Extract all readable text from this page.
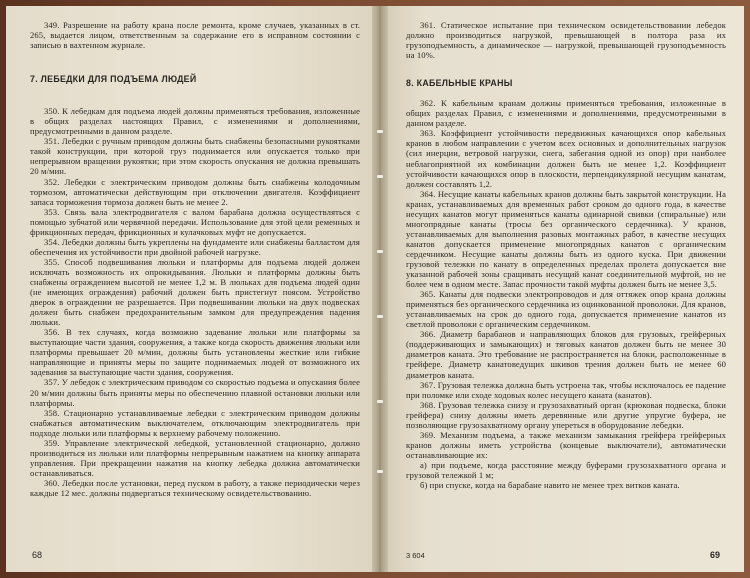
349. Разрешение на работу крана после ремонта, кроме случаев, указанных в ст. 265, выдается лицом, ответственным за содержание его в исправном состоянии с записью в вахтенном журнале.

7. ЛЕБЕДКИ ДЛЯ ПОДЪЕМА ЛЮДЕЙ

350. К лебедкам для подъема людей должны применяться требования, изложенные в общих разделах настоящих Правил, с изменениями и дополнениями, предусмотренными в данном разделе.

351. Лебедки с ручным приводом должны быть снабжены безопасными рукоятками такой конструкции, при которой груз поднимается или опускается только при непрерывном вращении рукоятки; при этом скорость опускания не должна превышать 20 м/мин.

352. Лебедки с электрическим приводом должны быть снабжены колодочным тормозом, автоматически действующим при отключении двигателя. Коэффициент запаса торможения тормоза должен быть не менее 2.

353. Связь вала электродвигателя с валом барабана должна осуществляться с помощью зубчатой или червячной передачи. Использование для этой цели ременных и фрикционных передач, фрикционных и кулачковых муфт не допускается.

354. Лебедки должны быть укреплены на фундаменте или снабжены балластом для обеспечения их устойчивости при двойной рабочей нагрузке.

355. Способ подвешивания люльки и платформы для подъема людей должен исключать возможность их опрокидывания. Люльки и платформы должны быть снабжены ограждением высотой не менее 1,2 м. В люльках для подъема людей один (не имеющих ограждения) рабочий должен быть пристегнут поясом. Устройство дверок в ограждении не разрешается. При подвешивании люльки на двух подвесках должен быть снабжен предохранительным замком для предупреждения падения люльки.

356. В тех случаях, когда возможно задевание люльки или платформы за выступающие части здания, сооружения, а также когда скорость движения люльки или платформы превышает 20 м/мин, должны быть установлены жесткие или гибкие направляющие и приняты меры по защите поднимаемых людей от возможного их задевания за выступающие части здания, сооружения.

357. У лебедок с электрическим приводом со скоростью подъема и опускания более 20 м/мин должны быть приняты меры по обеспечению плавной остановки люльки или платформы.

358. Стационарно устанавливаемые лебедки с электрическим приводом должны снабжаться автоматическим выключателем, отключающим электродвигатель при подходе люльки или платформы к верхнему рабочему положению.

359. Управление электрической лебедкой, установленной стационарно, должно производиться из люльки или платформы непрерывным нажатием на кнопку аппарата управления. При прекращении нажатия на кнопку лебедка должна автоматически останавливаться.

360. Лебедки после установки, перед пуском в работу, а также периодически через каждые 12 мес. должны подвергаться техническому освидетельствованию.

68

361. Статическое испытание при техническом освидетельствовании лебедок должно производиться нагрузкой, превышающей в полтора раза их грузоподъемность, а динамическое — нагрузкой, превышающей грузоподъемность на 10%.

8. КАБЕЛЬНЫЕ КРАНЫ

362. К кабельным кранам должны применяться требования, изложенные в общих разделах Правил, с изменениями и дополнениями, предусмотренными в данном разделе.

363. Коэффициент устойчивости передвижных качающихся опор кабельных кранов в любом направлении с учетом всех основных и дополнительных нагрузок (сил инерции, ветровой нагрузки, снега, забегания одной из опор) при наиболее неблагоприятной их комбинации должен быть не менее 1,2. Коэффициент устойчивости качающихся опор в плоскости, перпендикулярной несущим канатам, должен составлять 1,2.

364. Несущие канаты кабельных кранов должны быть закрытой конструкции. На кранах, устанавливаемых для временных работ сроком до одного года, в качестве несущих канатов могут применяться канаты одинарной свивки (спиральные) или многопрядные канаты (тросы без органического сердечника). У кранов, устанавливаемых для выполнения разовых монтажных работ, в качестве несущих канатов допускается применение многопрядных канатов с органическим сердечником. Несущие канаты должны быть из одного куска. При движении грузовой тележки по канату в определенных пределах пролета допускается вне указанной рабочей зоны сращивать несущий канат соединительной муфтой, но не более чем в одном месте. Запас прочности такой муфты должен быть не менее 3,5.

365. Канаты для подвески электропроводов и для оттяжек опор крана должны применяться без органического сердечника из оцинкованной проволоки. Для кранов, устанавливаемых на срок до одного года, допускается применение канатов из светлой проволоки с органическим сердечником.

366. Диаметр барабанов и направляющих блоков для грузовых, грейферных (поддерживающих и замыкающих) и тяговых канатов должен быть не менее 30 диаметров каната. Это требование не распространяется на блоки, расположенные в грейфере. Диаметр канатоведущих шкивов трения должен быть не менее 60 диаметров каната.

367. Грузовая тележка должна быть устроена так, чтобы исключалось ее падение при поломке или сходе ходовых колес несущего каната (канатов).

368. Грузовая тележка снизу и грузозахватный орган (крюковая подвеска, блоки грейфера) снизу должны иметь деревянные или другие упругие буфера, не позволяющие грузозахватному органу упереться в оборудование лебедки.

369. Механизм подъема, а также механизм замыкания грейфера грейферных кранов должны иметь устройства (концевые выключатели), автоматически останавливающие их:

а) при подъеме, когда расстояние между буферами грузозахватного органа и грузовой тележкой 1 м;

б) при спуске, когда на барабане навито не менее трех витков каната.

3 604	69
